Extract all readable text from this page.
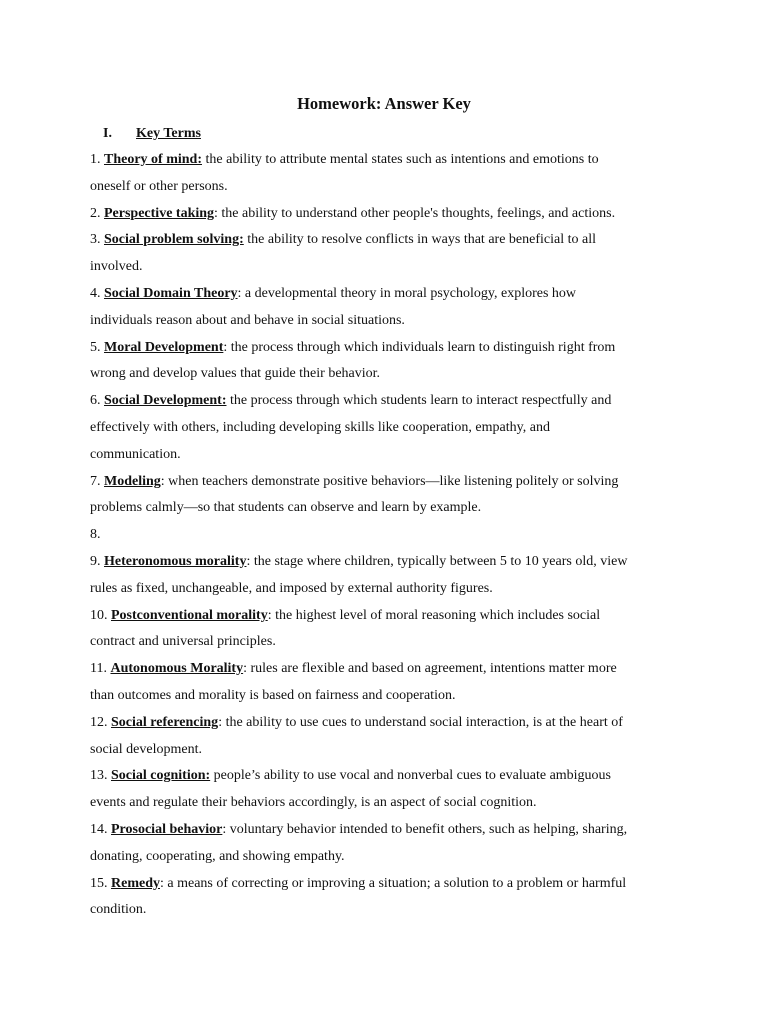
Homework: Answer Key
I. Key Terms

1. Theory of mind: the ability to attribute mental states such as intentions and emotions to

oneself or other persons.

2. Perspective taking: the ability to understand other people's thoughts, feelings, and actions.

3. Social problem solving: the ability to resolve conflicts in ways that are beneficial to all

involved.

4. Social Domain Theory: a developmental theory in moral psychology, explores how

individuals reason about and behave in social situations.

5. Moral Development: the process through which individuals learn to distinguish right from

wrong and develop values that guide their behavior.

6. Social Development: the process through which students learn to interact respectfully and

effectively with others, including developing skills like cooperation, empathy, and

communication.

7. Modeling: when teachers demonstrate positive behaviors—like listening politely or solving

problems calmly—so that students can observe and learn by example.

8.

9. Heteronomous morality: the stage where children, typically between 5 to 10 years old, view

rules as fixed, unchangeable, and imposed by external authority figures.

10. Postconventional morality: the highest level of moral reasoning which includes social

contract and universal principles.

11. Autonomous Morality: rules are flexible and based on agreement, intentions matter more

than outcomes and morality is based on fairness and cooperation.

12. Social referencing: the ability to use cues to understand social interaction, is at the heart of

social development.

13. Social cognition: people’s ability to use vocal and nonverbal cues to evaluate ambiguous

events and regulate their behaviors accordingly, is an aspect of social cognition.

14. Prosocial behavior: voluntary behavior intended to benefit others, such as helping, sharing,

donating, cooperating, and showing empathy.

15. Remedy: a means of correcting or improving a situation; a solution to a problem or harmful

condition.
